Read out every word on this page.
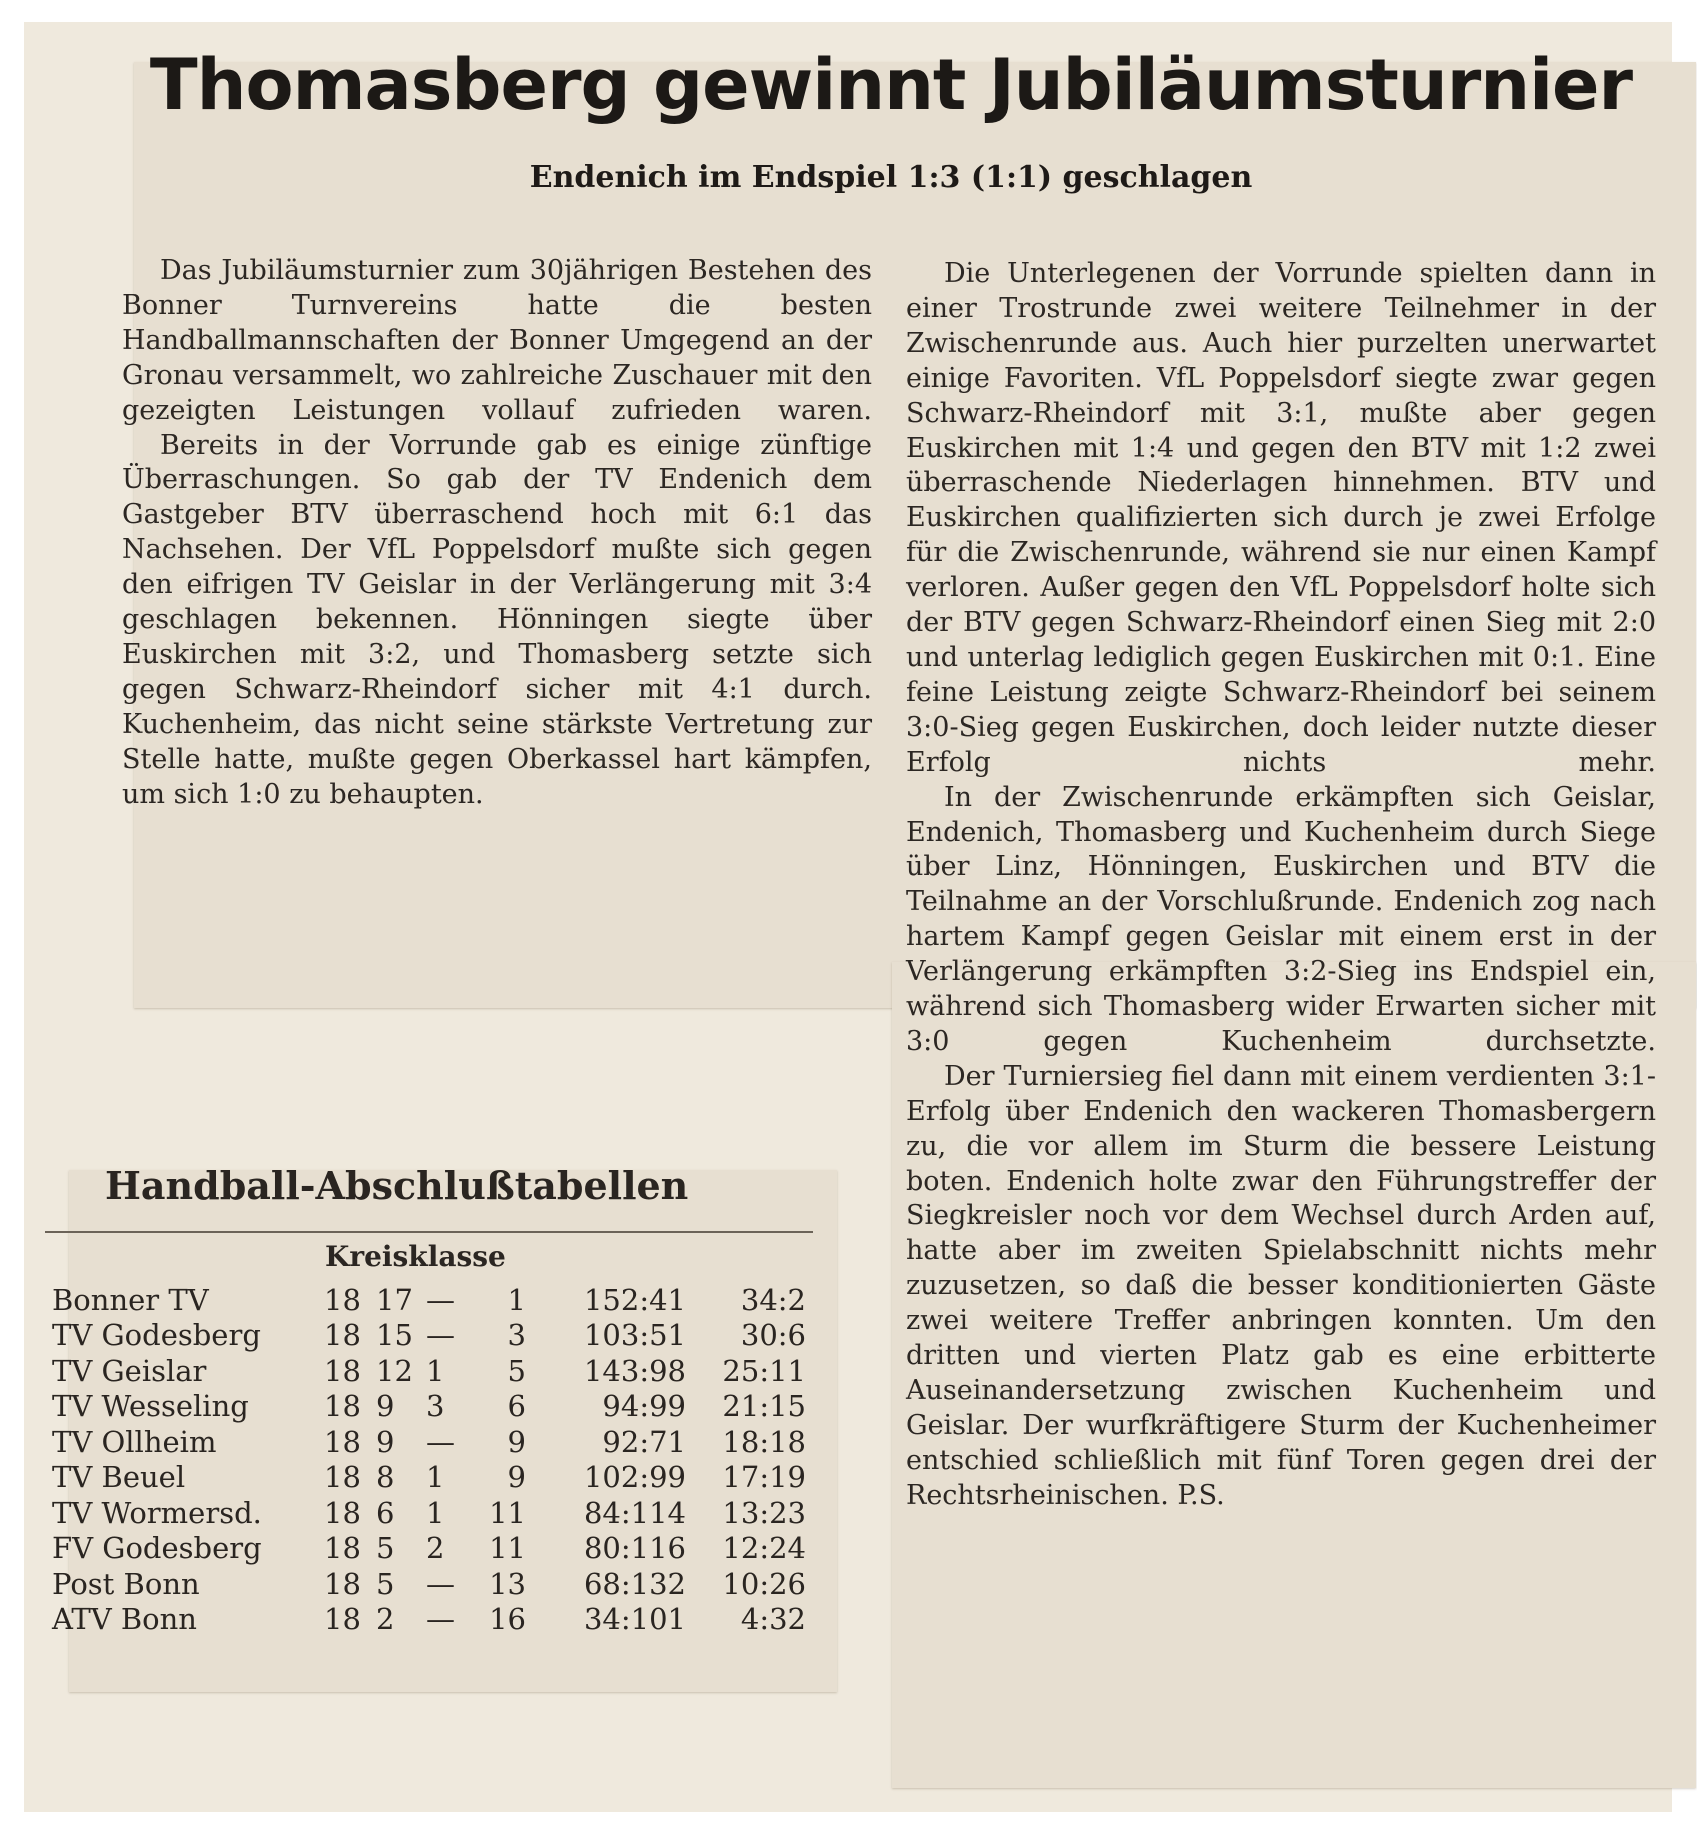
Thomasberg gewinnt Jubiläumsturnier
Endenich im Endspiel 1:3 (1:1) geschlagen

Das Jubiläumsturnier zum 30jährigen Bestehen des Bonner Turnvereins hatte die besten Handballmannschaften der Bonner Umgegend an der Gronau versammelt, wo zahlreiche Zuschauer mit den gezeigten Leistungen vollauf zufrieden waren.

Bereits in der Vorrunde gab es einige zünftige Überraschungen. So gab der TV Endenich dem Gastgeber BTV überraschend hoch mit 6:1 das Nachsehen. Der VfL Poppelsdorf mußte sich gegen den eifrigen TV Geislar in der Verlängerung mit 3:4 geschlagen bekennen. Hönningen siegte über Euskirchen mit 3:2, und Thomasberg setzte sich gegen Schwarz-Rheindorf sicher mit 4:1 durch. Kuchenheim, das nicht seine stärkste Vertretung zur Stelle hatte, mußte gegen Oberkassel hart kämpfen, um sich 1:0 zu behaupten.

Die Unterlegenen der Vorrunde spielten dann in einer Trostrunde zwei weitere Teilnehmer in der Zwischenrunde aus. Auch hier purzelten unerwartet einige Favoriten. VfL Poppelsdorf siegte zwar gegen Schwarz-Rheindorf mit 3:1, mußte aber gegen Euskirchen mit 1:4 und gegen den BTV mit 1:2 zwei überraschende Niederlagen hinnehmen. BTV und Euskirchen qualifizierten sich durch je zwei Erfolge für die Zwischenrunde, während sie nur einen Kampf verloren. Außer gegen den VfL Poppelsdorf holte sich der BTV gegen Schwarz-Rheindorf einen Sieg mit 2:0 und unterlag lediglich gegen Euskirchen mit 0:1. Eine feine Leistung zeigte Schwarz-Rheindorf bei seinem 3:0-Sieg gegen Euskirchen, doch leider nutzte dieser Erfolg nichts mehr.

In der Zwischenrunde erkämpften sich Geislar, Endenich, Thomasberg und Kuchenheim durch Siege über Linz, Hönningen, Euskirchen und BTV die Teilnahme an der Vorschlußrunde. Endenich zog nach hartem Kampf gegen Geislar mit einem erst in der Verlängerung erkämpften 3:2-Sieg ins Endspiel ein, während sich Thomasberg wider Erwarten sicher mit 3:0 gegen Kuchenheim durchsetzte.

Der Turniersieg fiel dann mit einem verdienten 3:1-Erfolg über Endenich den wackeren Thomasbergern zu, die vor allem im Sturm die bessere Leistung boten. Endenich holte zwar den Führungstreffer der Siegkreisler noch vor dem Wechsel durch Arden auf, hatte aber im zweiten Spielabschnitt nichts mehr zuzusetzen, so daß die besser konditionierten Gäste zwei weitere Treffer anbringen konnten. Um den dritten und vierten Platz gab es eine erbitterte Auseinandersetzung zwischen Kuchenheim und Geislar. Der wurfkräftigere Sturm der Kuchenheimer entschied schließlich mit fünf Toren gegen drei der Rechtsrheinischen. P.S.

Handball-Abschlußtabellen
Kreisklasse
Bonner TV	18	17	—	1	152:41	34:2
TV Godesberg	18	15	—	3	103:51	30:6
TV Geislar	18	12	1	5	143:98	25:11
TV Wesseling	18	9	3	6	94:99	21:15
TV Ollheim	18	9	—	9	92:71	18:18
TV Beuel	18	8	1	9	102:99	17:19
TV Wormersd.	18	6	1	11	84:114	13:23
FV Godesberg	18	5	2	11	80:116	12:24
Post Bonn	18	5	—	13	68:132	10:26
ATV Bonn	18	2	—	16	34:101	4:32
